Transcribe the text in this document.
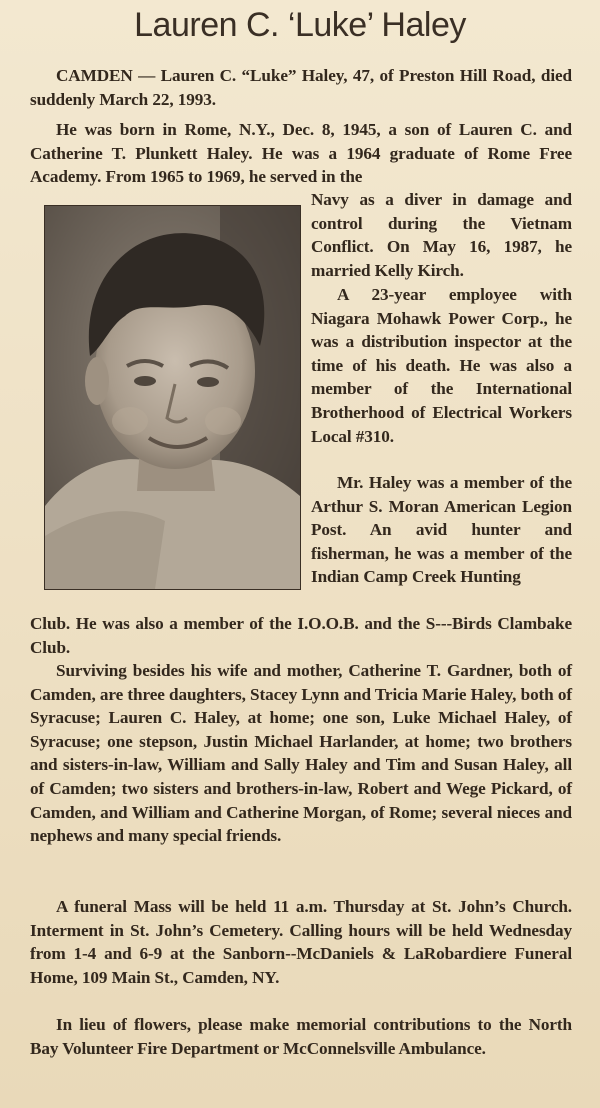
Lauren C. ‘Luke’ Haley

CAMDEN — Lauren C. “Luke” Haley, 47, of Preston Hill Road, died suddenly March 22, 1993.

He was born in Rome, N.Y., Dec. 8, 1945, a son of Lauren C. and Catherine T. Plunkett Haley. He was a 1964 graduate of Rome Free Academy. From 1965 to 1969, he served in the

Navy as a diver in damage and control during the Vietnam Conflict. On May 16, 1987, he married Kelly Kirch.

A 23-year employee with Niagara Mohawk Power Corp., he was a distribution inspector at the time of his death. He was also a member of the International Brotherhood of Electrical Workers Local #310.

Mr. Haley was a member of the Arthur S. Moran American Legion Post. An avid hunter and fisherman, he was a member of the Indian Camp Creek Hunting

Club. He was also a member of the I.O.O.B. and the S---Birds Clambake Club.

Surviving besides his wife and mother, Catherine T. Gardner, both of Camden, are three daughters, Stacey Lynn and Tricia Marie Haley, both of Syracuse; Lauren C. Haley, at home; one son, Luke Michael Haley, of Syracuse; one stepson, Justin Michael Harlander, at home; two brothers and sisters-in-law, William and Sally Haley and Tim and Susan Haley, all of Camden; two sisters and brothers-in-law, Robert and Wege Pickard, of Camden, and William and Catherine Morgan, of Rome; several nieces and nephews and many special friends.

A funeral Mass will be held 11 a.m. Thursday at St. John’s Church. Interment in St. John’s Cemetery. Calling hours will be held Wednesday from 1-4 and 6-9 at the Sanborn--McDaniels & LaRobardiere Funeral Home, 109 Main St., Camden, NY.

In lieu of flowers, please make memorial contributions to the North Bay Volunteer Fire Department or McConnelsville Ambulance.
